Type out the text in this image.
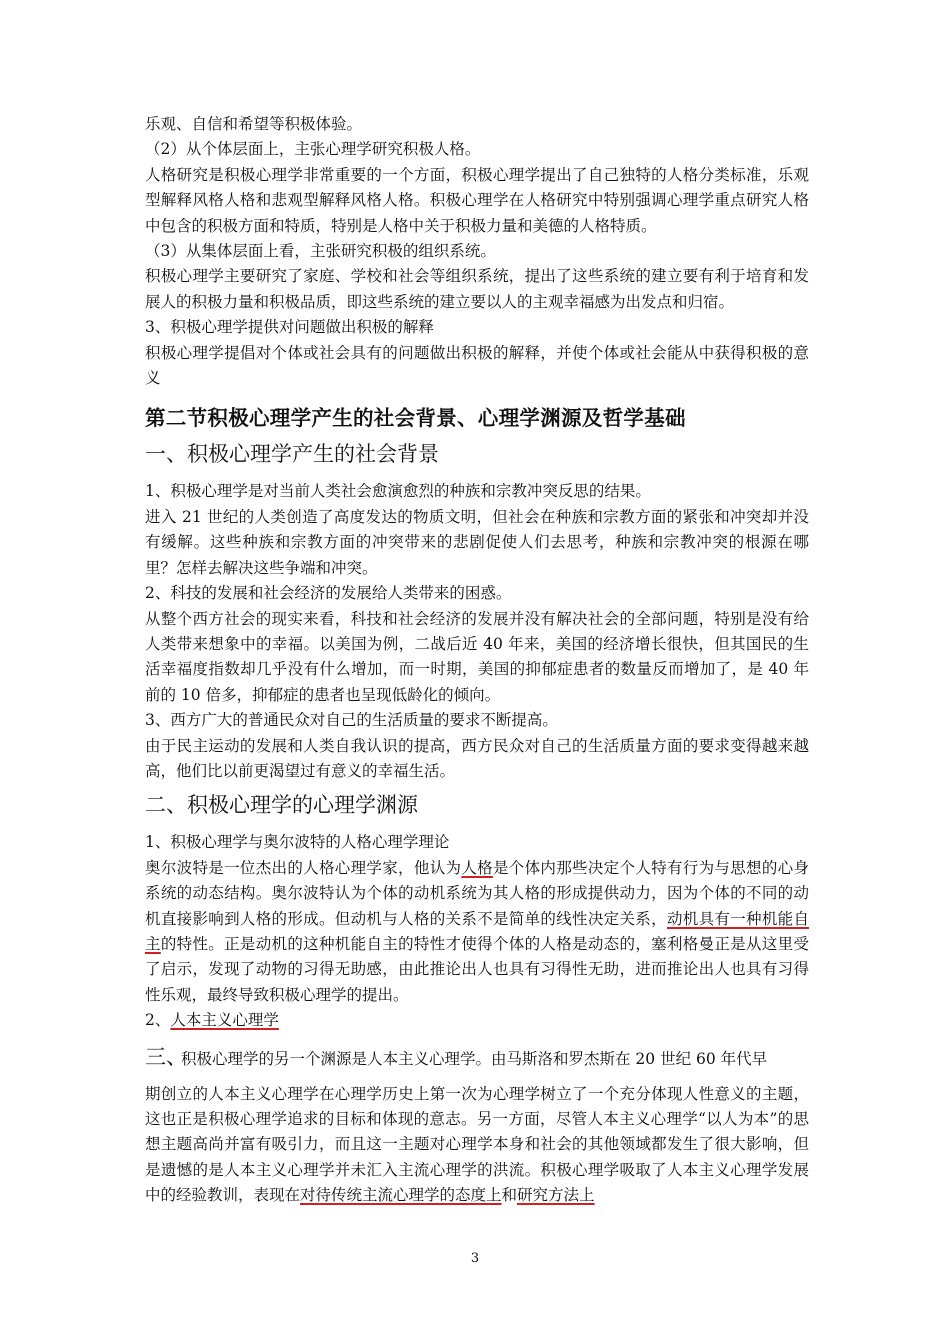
乐观、自信和希望等积极体验。

（2）从个体层面上，主张心理学研究积极人格。

人格研究是积极心理学非常重要的一个方面，积极心理学提出了自己独特的人格分类标准，乐观型解释风格人格和悲观型解释风格人格。积极心理学在人格研究中特别强调心理学重点研究人格中包含的积极方面和特质，特别是人格中关于积极力量和美德的人格特质。

（3）从集体层面上看，主张研究积极的组织系统。

积极心理学主要研究了家庭、学校和社会等组织系统，提出了这些系统的建立要有利于培育和发展人的积极力量和积极品质，即这些系统的建立要以人的主观幸福感为出发点和归宿。

3、积极心理学提供对问题做出积极的解释

积极心理学提倡对个体或社会具有的问题做出积极的解释，并使个体或社会能从中获得积极的意义

第二节积极心理学产生的社会背景、心理学渊源及哲学基础
一、积极心理学产生的社会背景

1、积极心理学是对当前人类社会愈演愈烈的种族和宗教冲突反思的结果。

进入 21 世纪的人类创造了高度发达的物质文明，但社会在种族和宗教方面的紧张和冲突却并没有缓解。这些种族和宗教方面的冲突带来的悲剧促使人们去思考，种族和宗教冲突的根源在哪里？怎样去解决这些争端和冲突。

2、科技的发展和社会经济的发展给人类带来的困惑。

从整个西方社会的现实来看，科技和社会经济的发展并没有解决社会的全部问题，特别是没有给人类带来想象中的幸福。以美国为例，二战后近 40 年来，美国的经济增长很快，但其国民的生活幸福度指数却几乎没有什么增加，而一时期，美国的抑郁症患者的数量反而增加了，是 40 年前的 10 倍多，抑郁症的患者也呈现低龄化的倾向。

3、西方广大的普通民众对自己的生活质量的要求不断提高。

由于民主运动的发展和人类自我认识的提高，西方民众对自己的生活质量方面的要求变得越来越高，他们比以前更渴望过有意义的幸福生活。

二、积极心理学的心理学渊源

1、积极心理学与奥尔波特的人格心理学理论

奥尔波特是一位杰出的人格心理学家，他认为人格是个体内那些决定个人特有行为与思想的心身系统的动态结构。奥尔波特认为个体的动机系统为其人格的形成提供动力，因为个体的不同的动机直接影响到人格的形成。但动机与人格的关系不是简单的线性决定关系，动机具有一种机能自主的特性。正是动机的这种机能自主的特性才使得个体的人格是动态的，塞利格曼正是从这里受了启示，发现了动物的习得无助感，由此推论出人也具有习得性无助，进而推论出人也具有习得性乐观，最终导致积极心理学的提出。

2、人本主义心理学

三、积极心理学的另一个渊源是人本主义心理学。由马斯洛和罗杰斯在 20 世纪 60 年代早

期创立的人本主义心理学在心理学历史上第一次为心理学树立了一个充分体现人性意义的主题，这也正是积极心理学追求的目标和体现的意志。另一方面，尽管人本主义心理学“以人为本”的思想主题高尚并富有吸引力，而且这一主题对心理学本身和社会的其他领域都发生了很大影响，但是遗憾的是人本主义心理学并未汇入主流心理学的洪流。积极心理学吸取了人本主义心理学发展中的经验教训，表现在对待传统主流心理学的态度上和研究方法上

3
